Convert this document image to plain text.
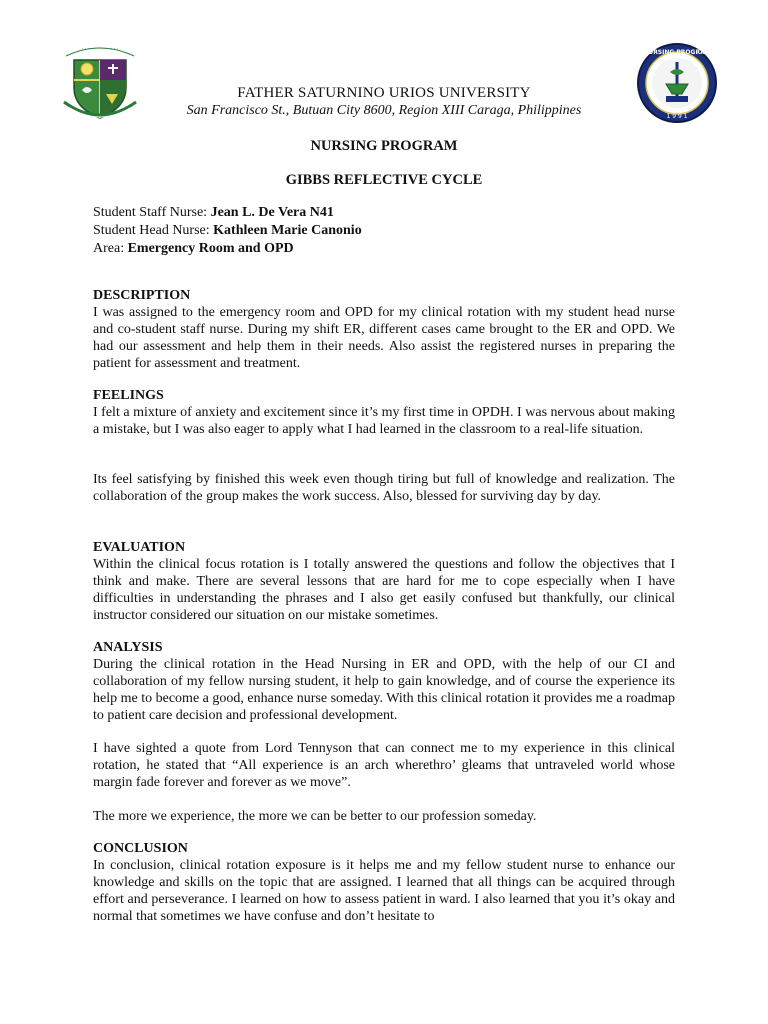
· · · · · · · · · · · ·	NURSING PROGRAM
1 9 9 1
FATHER SATURNINO URIOS UNIVERSITY
San Francisco St., Butuan City 8600, Region XIII Caraga, Philippines
NURSING PROGRAM
GIBBS REFLECTIVE CYCLE
Student Staff Nurse: Jean L. De Vera N41
Student Head Nurse: Kathleen Marie Canonio
Area: Emergency Room and OPD

DESCRIPTION

I was assigned to the emergency room and OPD for my clinical rotation with my student head nurse and co-student staff nurse. During my shift ER, different cases came brought to the ER and OPD. We had our assessment and help them in their needs. Also assist the registered nurses in preparing the patient for assessment and treatment.

FEELINGS

I felt a mixture of anxiety and excitement since it’s my first time in OPDH. I was nervous about making a mistake, but I was also eager to apply what I had learned in the classroom to a real-life situation.

Its feel satisfying by finished this week even though tiring but full of knowledge and realization. The collaboration of the group makes the work success. Also, blessed for surviving day by day.

EVALUATION

Within the clinical focus rotation is I totally answered the questions and follow the objectives that I think and make. There are several lessons that are hard for me to cope especially when I have difficulties in understanding the phrases and I also get easily confused but thankfully, our clinical instructor considered our situation on our mistake sometimes.

ANALYSIS

During the clinical rotation in the Head Nursing in ER and OPD, with the help of our CI and collaboration of my fellow nursing student, it help to gain knowledge, and of course the experience its help me to become a good, enhance nurse someday. With this clinical rotation it provides me a roadmap to patient care decision and professional development.

I have sighted a quote from Lord Tennyson that can connect me to my experience in this clinical rotation, he stated that “All experience is an arch wherethro’ gleams that untraveled world whose margin fade forever and forever as we move”.

The more we experience, the more we can be better to our profession someday.

CONCLUSION

In conclusion, clinical rotation exposure is it helps me and my fellow student nurse to enhance our knowledge and skills on the topic that are assigned. I learned that all things can be acquired through effort and perseverance. I learned on how to assess patient in ward. I also learned that you it’s okay and normal that sometimes we have confuse and don’t hesitate to
